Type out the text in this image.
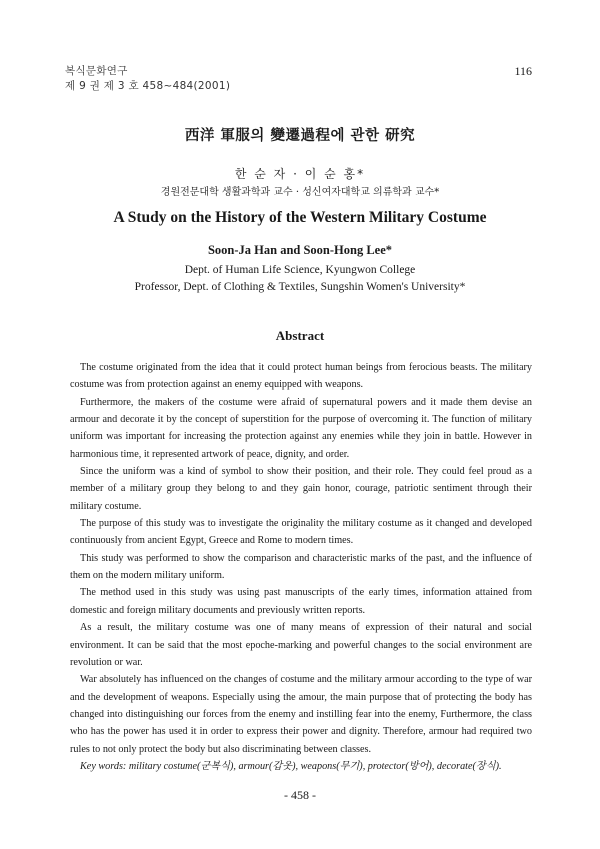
복식문화연구
제 9 권 제 3 호 458~484(2001)
116
西洋 軍服의 變遷過程에 관한 研究
한 순 자 · 이 순 홍*
경원전문대학 생활과학과 교수 · 성신여자대학교 의류학과 교수*
A Study on the History of the Western Military Costume
Soon-Ja Han and Soon-Hong Lee*
Dept. of Human Life Science, Kyungwon College
Professor, Dept. of Clothing & Textiles, Sungshin Women's University*
Abstract

The costume originated from the idea that it could protect human beings from ferocious beasts. The military costume was from protection against an enemy equipped with weapons.

Furthermore, the makers of the costume were afraid of supernatural powers and it made them devise an armour and decorate it by the concept of superstition for the purpose of overcoming it. The function of military uniform was important for increasing the protection against any enemies while they join in battle. However in harmonious time, it represented artwork of peace, dignity, and order.

Since the uniform was a kind of symbol to show their position, and their role. They could feel proud as a member of a military group they belong to and they gain honor, courage, patriotic sentiment through their military costume.

The purpose of this study was to investigate the originality the military costume as it changed and developed continuously from ancient Egypt, Greece and Rome to modern times.

This study was performed to show the comparison and characteristic marks of the past, and the influence of them on the modern military uniform.

The method used in this study was using past manuscripts of the early times, information attained from domestic and foreign military documents and previously written reports.

As a result, the military costume was one of many means of expression of their natural and social environment. It can be said that the most epoche-marking and powerful changes to the social environment are revolution or war.

War absolutely has influenced on the changes of costume and the military armour according to the type of war and the development of weapons. Especially using the amour, the main purpose that of protecting the body has changed into distinguishing our forces from the enemy and instilling fear into the enemy, Furthermore, the class who has the power has used it in order to express their power and dignity. Therefore, armour had required two rules to not only protect the body but also discriminating between classes.

Key words: military costume(군복식), armour(갑옷), weapons(무기), protector(방어), decorate(장식).

- 458 -
